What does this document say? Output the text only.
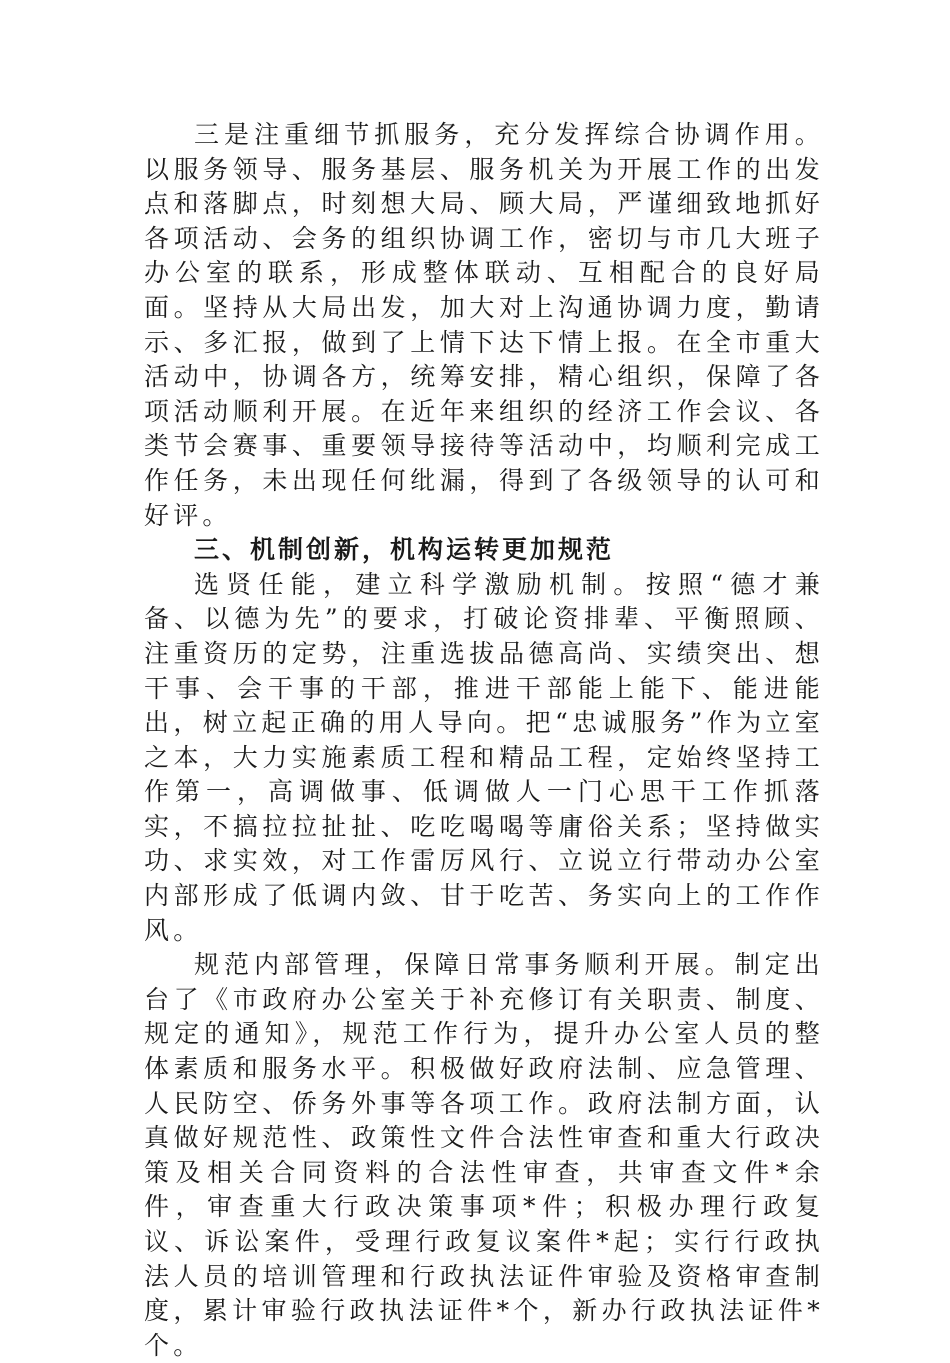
三是注重细节抓服务，充分发挥综合协调作用。以服务领导、服务基层、服务机关为开展工作的出发点和落脚点，时刻想大局、顾大局，严谨细致地抓好各项活动、会务的组织协调工作，密切与市几大班子办公室的联系，形成整体联动、互相配合的良好局面。坚持从大局出发，加大对上沟通协调力度，勤请示、多汇报，做到了上情下达下情上报。在全市重大活动中，协调各方，统筹安排，精心组织，保障了各项活动顺利开展。在近年来组织的经济工作会议、各类节会赛事、重要领导接待等活动中，均顺利完成工作任务，未出现任何纰漏，得到了各级领导的认可和好评。

三、机制创新，机构运转更加规范

选贤任能，建立科学激励机制。按照“德才兼备、以德为先”的要求，打破论资排辈、平衡照顾、注重资历的定势，注重选拔品德高尚、实绩突出、想干事、会干事的干部，推进干部能上能下、能进能出，树立起正确的用人导向。把“忠诚服务”作为立室之本，大力实施素质工程和精品工程，定始终坚持工作第一，高调做事、低调做人一门心思干工作抓落实，不搞拉拉扯扯、吃吃喝喝等庸俗关系；坚持做实功、求实效，对工作雷厉风行、立说立行带动办公室内部形成了低调内敛、甘于吃苦、务实向上的工作作风。

规范内部管理，保障日常事务顺利开展。制定出台了《市政府办公室关于补充修订有关职责、制度、规定的通知》，规范工作行为，提升办公室人员的整体素质和服务水平。积极做好政府法制、应急管理、人民防空、侨务外事等各项工作。政府法制方面，认真做好规范性、政策性文件合法性审查和重大行政决策及相关合同资料的合法性审查，共审查文件*余件，审查重大行政决策事项*件；积极办理行政复议、诉讼案件，受理行政复议案件*起；实行行政执法人员的培训管理和行政执法证件审验及资格审查制度，累计审验行政执法证件*个，新办行政执法证件*个。
